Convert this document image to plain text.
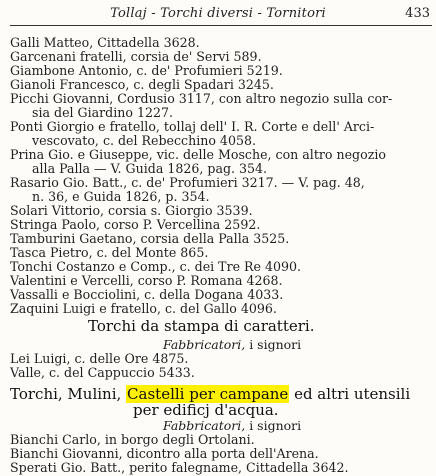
Tollaj - Torchi diversi - Tornitori	433
Galli Matteo, Cittadella 3628.
Garcenani fratelli, corsia de' Servi 589.
Giambone Antonio, c. de' Profumieri 5219.
Gianoli Francesco, c. degli Spadari 3245.
Picchi Giovanni, Cordusio 3117, con altro negozio sulla cor-
sia del Giardino 1227.
Ponti Giorgio e fratello, tollaj dell' I. R. Corte e dell' Arci-
vescovato, c. del Rebecchino 4058.
Prina Gio. e Giuseppe, vic. delle Mosche, con altro negozio
alla Palla — V. Guida 1826, pag. 354.
Rasario Gio. Batt., c. de' Profumieri 3217. — V. pag. 48,
n. 36, e Guida 1826, p. 354.
Solari Vittorio, corsia s. Giorgio 3539.
Stringa Paolo, corso P. Vercellina 2592.
Tamburini Gaetano, corsia della Palla 3525.
Tasca Pietro, c. del Monte 865.
Tonchi Costanzo e Comp., c. dei Tre Re 4090.
Valentini e Vercelli, corso P. Romana 4268.
Vassalli e Bocciolini, c. della Dogana 4033.
Zaquini Luigi e fratello, c. del Gallo 4096.
Torchi da stampa di caratteri.
Fabbricatori, i signori
Lei Luigi, c. delle Ore 4875.
Valle, c. del Cappuccio 5433.
Torchi, Mulini, Castelli per campane ed altri utensili
per edificj d'acqua.
Fabbricatori, i signori
Bianchi Carlo, in borgo degli Ortolani.
Bianchi Giovanni, dicontro alla porta dell'Arena.
Sperati Gio. Batt., perito falegname, Cittadella 3642.
